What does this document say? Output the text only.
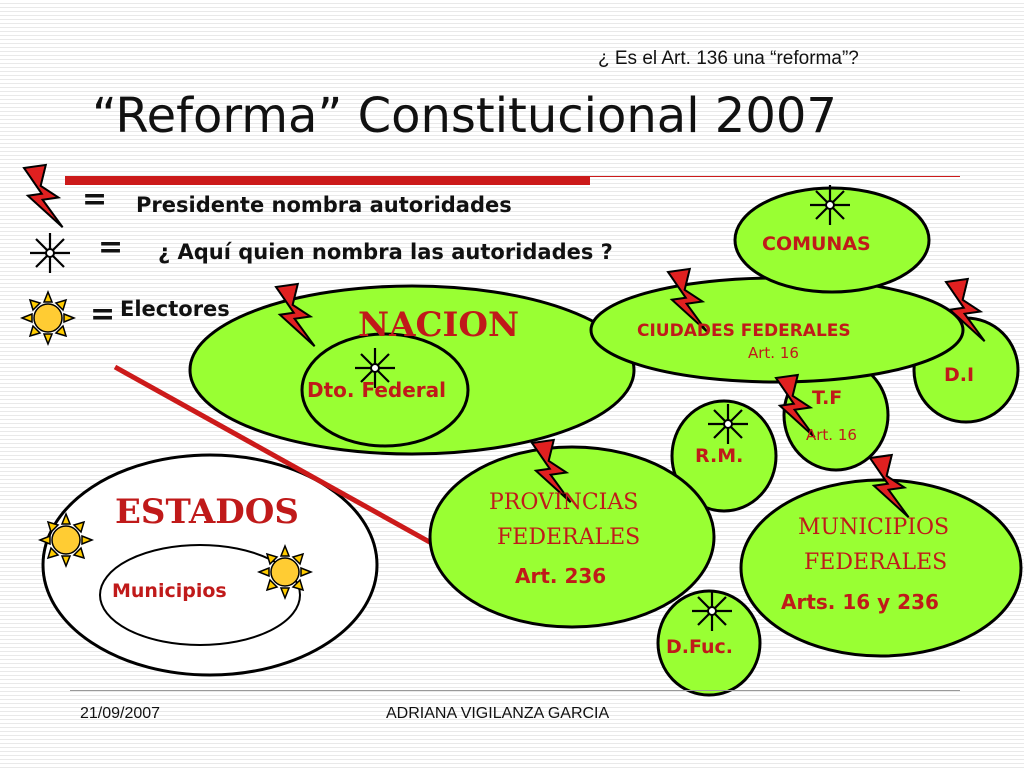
¿ Es el Art. 136 una “reforma”?
“Reforma” Constitucional 2007
= Presidente nombra autoridades
= ¿ Aquí quien nombra las autoridades ?
= Electores	NACION
Dto. Federal
COMUNAS
CIUDADES FEDERALES
Art. 16
D.I
T.F
Art. 16
R.M.
PROVINCIAS
FEDERALES
Art. 236
MUNICIPIOS
FEDERALES
Arts. 16 y 236
D.Fuc.
ESTADOS
Municipios
21/09/2007	ADRIANA VIGILANZA GARCIA
